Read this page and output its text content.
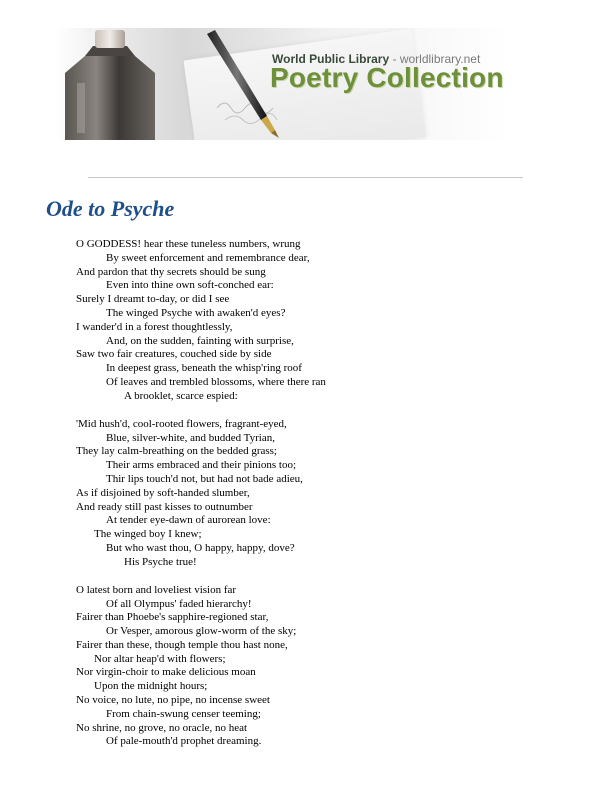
World Public Library - worldlibrary.net
Poetry Collection
Ode to Psyche
O GODDESS! hear these tuneless numbers, wrung
By sweet enforcement and remembrance dear,
And pardon that thy secrets should be sung
Even into thine own soft-conched ear:
Surely I dreamt to-day, or did I see
The winged Psyche with awaken'd eyes?
I wander'd in a forest thoughtlessly,
And, on the sudden, fainting with surprise,
Saw two fair creatures, couched side by side
In deepest grass, beneath the whisp'ring roof
Of leaves and trembled blossoms, where there ran
A brooklet, scarce espied:
'Mid hush'd, cool-rooted flowers, fragrant-eyed,
Blue, silver-white, and budded Tyrian,
They lay calm-breathing on the bedded grass;
Their arms embraced and their pinions too;
Thir lips touch'd not, but had not bade adieu,
As if disjoined by soft-handed slumber,
And ready still past kisses to outnumber
At tender eye-dawn of aurorean love:
The winged boy I knew;
But who wast thou, O happy, happy, dove?
His Psyche true!
O latest born and loveliest vision far
Of all Olympus' faded hierarchy!
Fairer than Phoebe's sapphire-regioned star,
Or Vesper, amorous glow-worm of the sky;
Fairer than these, though temple thou hast none,
Nor altar heap'd with flowers;
Nor virgin-choir to make delicious moan
Upon the midnight hours;
No voice, no lute, no pipe, no incense sweet
From chain-swung censer teeming;
No shrine, no grove, no oracle, no heat
Of pale-mouth'd prophet dreaming.
